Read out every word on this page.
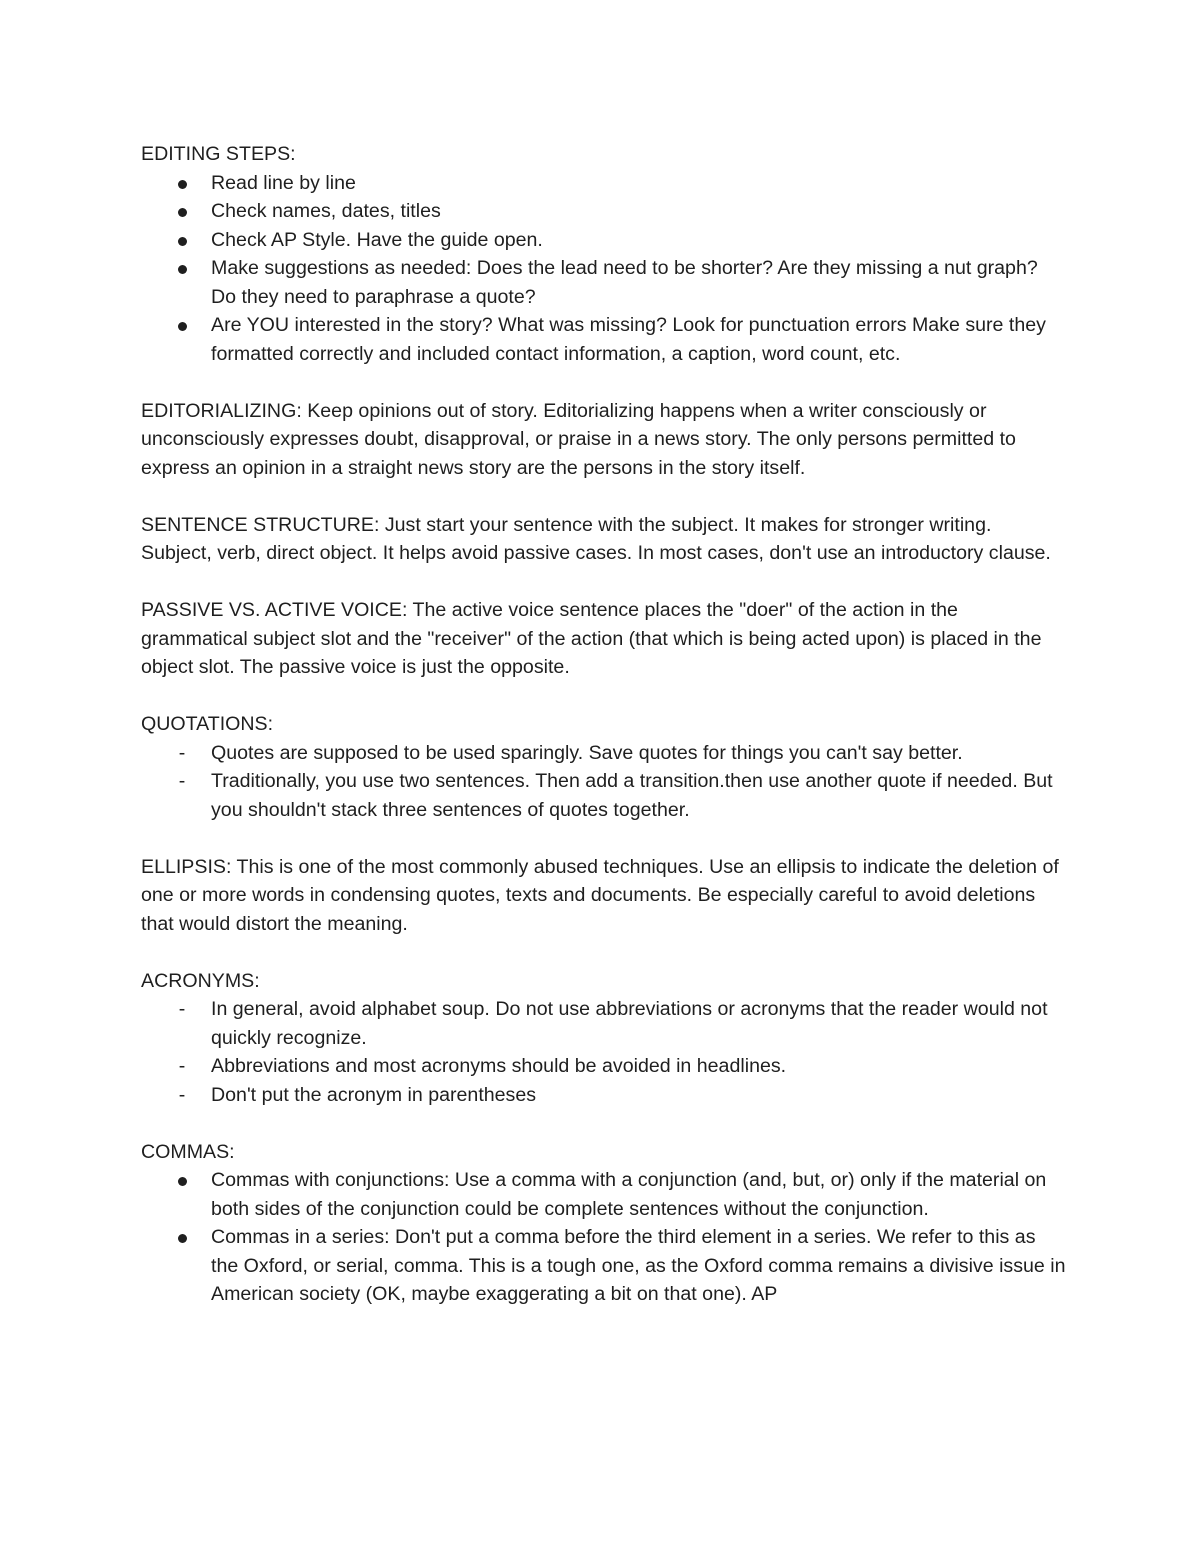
EDITING STEPS:
Read line by line
Check names, dates, titles
Check AP Style. Have the guide open.
Make suggestions as needed: Does the lead need to be shorter? Are they missing a nut graph? Do they need to paraphrase a quote?
Are YOU interested in the story? What was missing? Look for punctuation errors Make sure they formatted correctly and included contact information, a caption, word count, etc.

EDITORIALIZING: Keep opinions out of story. Editorializing happens when a writer consciously or unconsciously expresses doubt, disapproval, or praise in a news story. The only persons permitted to express an opinion in a straight news story are the persons in the story itself.

SENTENCE STRUCTURE: Just start your sentence with the subject. It makes for stronger writing. Subject, verb, direct object. It helps avoid passive cases. In most cases, don't use an introductory clause.

PASSIVE VS. ACTIVE VOICE: The active voice sentence places the "doer" of the action in the grammatical subject slot and the "receiver" of the action (that which is being acted upon) is placed in the object slot. The passive voice is just the opposite.

QUOTATIONS:
-
Quotes are supposed to be used sparingly. Save quotes for things you can't say better.
-
Traditionally, you use two sentences. Then add a transition.then use another quote if needed. But you shouldn't stack three sentences of quotes together.

ELLIPSIS: This is one of the most commonly abused techniques. Use an ellipsis to indicate the deletion of one or more words in condensing quotes, texts and documents. Be especially careful to avoid deletions that would distort the meaning.

ACRONYMS:
-
In general, avoid alphabet soup. Do not use abbreviations or acronyms that the reader would not quickly recognize.
-
Abbreviations and most acronyms should be avoided in headlines.
-
Don't put the acronym in parentheses
COMMAS:
Commas with conjunctions: Use a comma with a conjunction (and, but, or) only if the material on both sides of the conjunction could be complete sentences without the conjunction.
Commas in a series: Don't put a comma before the third element in a series. We refer to this as the Oxford, or serial, comma. This is a tough one, as the Oxford comma remains a divisive issue in American society (OK, maybe exaggerating a bit on that one). AP
